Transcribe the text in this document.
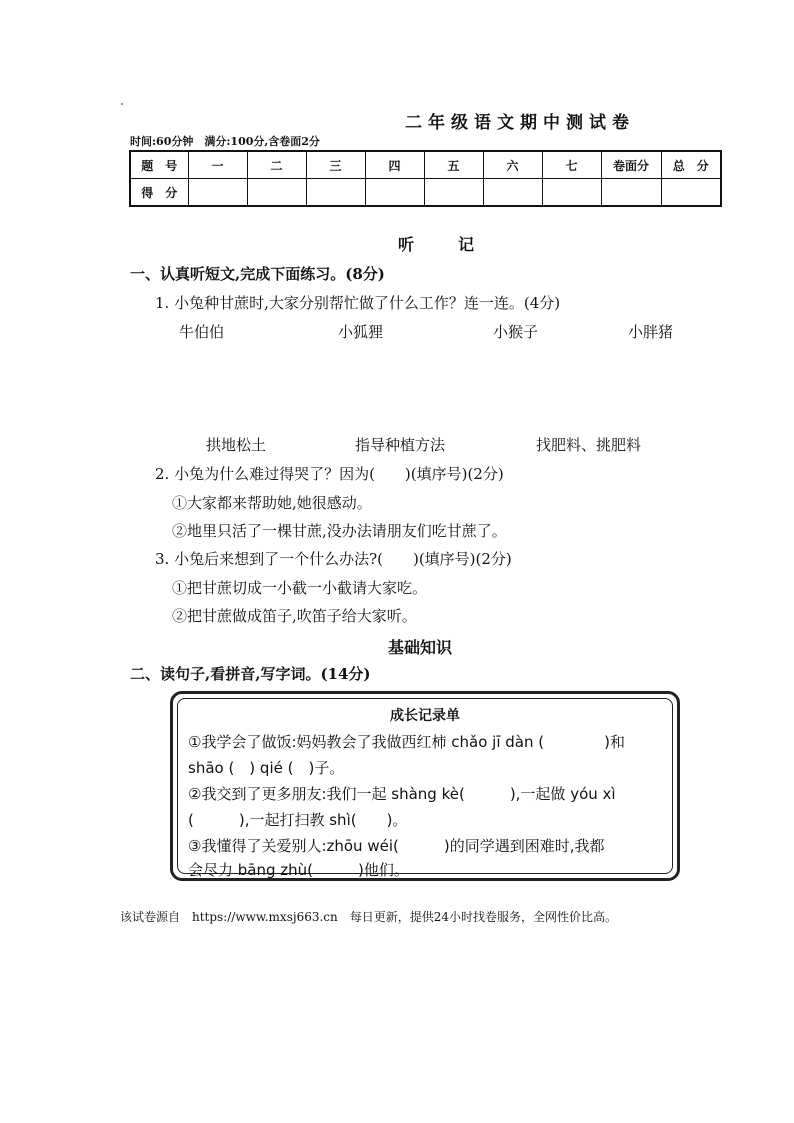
二年级语文期中测试卷
时间:60分钟　满分:100分,含卷面2分
题　号	一	二	三	四	五	六	七	卷面分	总　分
得　分									
听　记
一、认真听短文,完成下面练习。(8分)
1. 小兔种甘蔗时,大家分别帮忙做了什么工作？连一连。(4分)
牛伯伯	小狐狸	小猴子	小胖猪
拱地松土	指导种植方法	找肥料、挑肥料
2. 小兔为什么难过得哭了？因为(　　)(填序号)(2分)
①大家都来帮助她,她很感动。
②地里只活了一棵甘蔗,没办法请朋友们吃甘蔗了。
3. 小兔后来想到了一个什么办法?(　　)(填序号)(2分)
①把甘蔗切成一小截一小截请大家吃。
②把甘蔗做成笛子,吹笛子给大家听。
基础知识
二、读句子,看拼音,写字词。(14分)
成长记录单
①我学会了做饭:妈妈教会了我做西红柿 chǎo jī dàn (　　　　)和
shāo (　) qié (　)子。
②我交到了更多朋友:我们一起 shàng kè(　　　),一起做 yóu xì
(　　　),一起打扫教 shì(　　)。
③我懂得了关爱别人:zhōu wéi(　　　)的同学遇到困难时,我都
会尽力 bāng zhù(　　　)他们。
该试卷源自　https://www.mxsj663.cn　每日更新，提供24小时找卷服务，全网性价比高。
